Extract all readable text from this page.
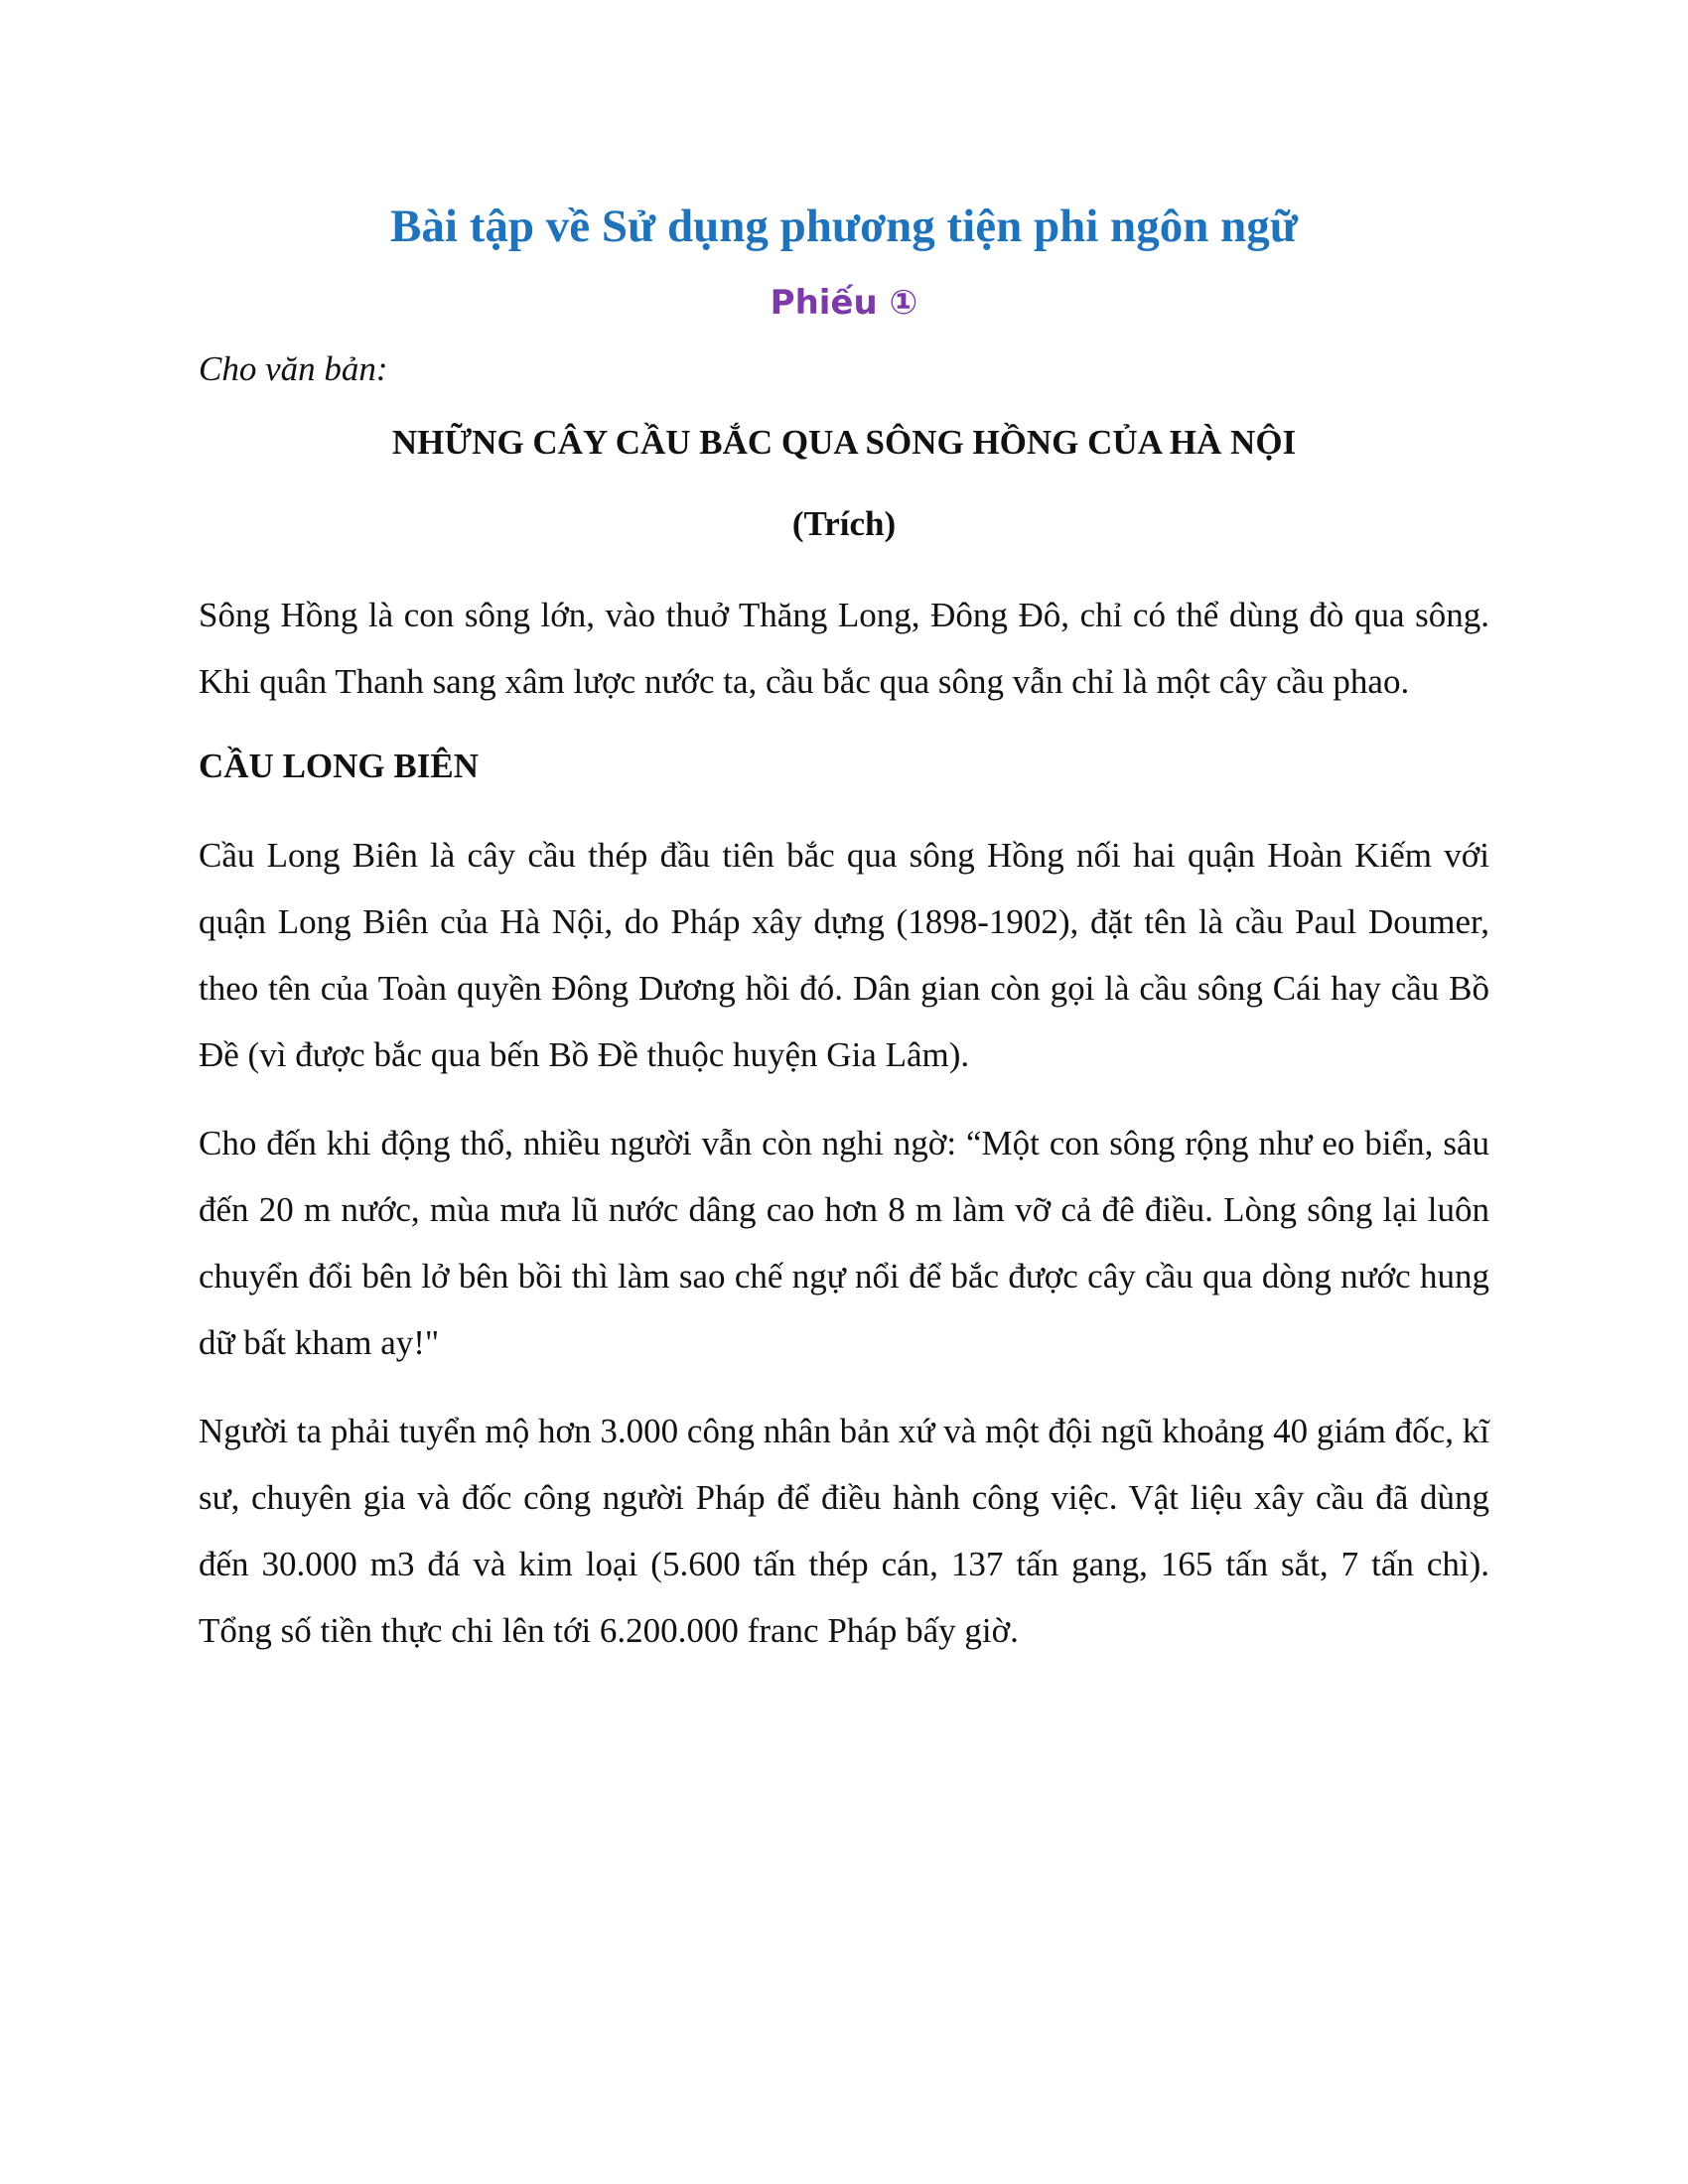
Bài tập về Sử dụng phương tiện phi ngôn ngữ
Phiếu ①

Cho văn bản:

NHỮNG CÂY CẦU BẮC QUA SÔNG HỒNG CỦA HÀ NỘI
(Trích)

Sông Hồng là con sông lớn, vào thuở Thăng Long, Đông Đô, chỉ có thể dùng đò qua sông. Khi quân Thanh sang xâm lược nước ta, cầu bắc qua sông vẫn chỉ là một cây cầu phao.

CẦU LONG BIÊN

Cầu Long Biên là cây cầu thép đầu tiên bắc qua sông Hồng nối hai quận Hoàn Kiếm với quận Long Biên của Hà Nội, do Pháp xây dựng (1898-1902), đặt tên là cầu Paul Doumer, theo tên của Toàn quyền Đông Dương hồi đó. Dân gian còn gọi là cầu sông Cái hay cầu Bồ Đề (vì được bắc qua bến Bồ Đề thuộc huyện Gia Lâm).

Cho đến khi động thổ, nhiều người vẫn còn nghi ngờ: “Một con sông rộng như eo biển, sâu đến 20 m nước, mùa mưa lũ nước dâng cao hơn 8 m làm vỡ cả đê điều. Lòng sông lại luôn chuyển đổi bên lở bên bồi thì làm sao chế ngự nổi để bắc được cây cầu qua dòng nước hung dữ bất kham ay!"

Người ta phải tuyển mộ hơn 3.000 công nhân bản xứ và một đội ngũ khoảng 40 giám đốc, kĩ sư, chuyên gia và đốc công người Pháp để điều hành công việc. Vật liệu xây cầu đã dùng đến 30.000 m3 đá và kim loại (5.600 tấn thép cán, 137 tấn gang, 165 tấn sắt, 7 tấn chì). Tổng số tiền thực chi lên tới 6.200.000 franc Pháp bấy giờ.
